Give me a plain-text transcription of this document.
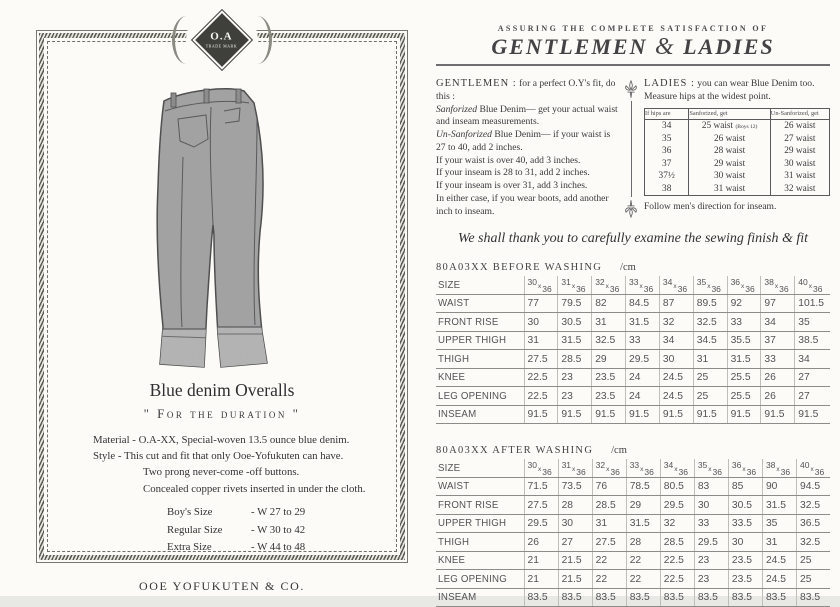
O.A
TRADE MARK
Blue denim Overalls
" For the duration "
Material - O.A-XX, Special-woven 13.5 ounce blue denim.
Style - This cut and fit that only Ooe-Yofukuten can have.
Two prong never-come -off buttons.
Concealed copper rivets inserted in under the cloth.
Boy's Size	- W 27 to 29
Regular Size	- W 30 to 42
Extra Size	- W 44 to 48
OOE YOFUKUTEN & CO.
ASSURING THE COMPLETE SATISFACTION OF
GENTLEMEN & LADIES
GENTLEMEN : for a perfect O.Y's fit, do this :
Sanforized Blue Denim— get your actual waist and inseam measurements.
Un-Sanforized Blue Denim— if your waist is 27 to 40, add 2 inches.
If your waist is over 40, add 3 inches.
If your inseam is 28 to 31, add 2 inches.
If your inseam is over 31, add 3 inches.
In either case, if you wear boots, add another inch to inseam.
LADIES : you can wear Blue Denim too. Measure hips at the widest point.
If hips are	Sanforized, get	Un-Sanforized, get
34	25 waist (Boys 12)	26 waist
35	26 waist	27 waist
36	28 waist	29 waist
37	29 waist	30 waist
37½	30 waist	31 waist
38	31 waist	32 waist
Follow men's direction for inseam.
We shall thank you to carefully examine the sewing finish & fit
80A03XX BEFORE WASHING /cm
SIZE	$^{30}x_{36}$	$^{31}x_{36}$	$^{32}x_{36}$	$^{33}x_{36}$	$^{34}x_{36}$	$^{35}x_{36}$	$^{36}x_{36}$	$^{38}x_{36}$	$^{40}x_{36}$
WAIST	77	79.5	82	84.5	87	89.5	92	97	101.5
FRONT RISE	30	30.5	31	31.5	32	32.5	33	34	35
UPPER THIGH	31	31.5	32.5	33	34	34.5	35.5	37	38.5
THIGH	27.5	28.5	29	29.5	30	31	31.5	33	34
KNEE	22.5	23	23.5	24	24.5	25	25.5	26	27
LEG OPENING	22.5	23	23.5	24	24.5	25	25.5	26	27
INSEAM	91.5	91.5	91.5	91.5	91.5	91.5	91.5	91.5	91.5
80A03XX AFTER WASHING /cm
SIZE	$^{30}x_{36}$	$^{31}x_{36}$	$^{32}x_{36}$	$^{33}x_{36}$	$^{34}x_{36}$	$^{35}x_{36}$	$^{36}x_{36}$	$^{38}x_{36}$	$^{40}x_{36}$
WAIST	71.5	73.5	76	78.5	80.5	83	85	90	94.5
FRONT RISE	27.5	28	28.5	29	29.5	30	30.5	31.5	32.5
UPPER THIGH	29.5	30	31	31.5	32	33	33.5	35	36.5
THIGH	26	27	27.5	28	28.5	29.5	30	31	32.5
KNEE	21	21.5	22	22	22.5	23	23.5	24.5	25
LEG OPENING	21	21.5	22	22	22.5	23	23.5	24.5	25
INSEAM	83.5	83.5	83.5	83.5	83.5	83.5	83.5	83.5	83.5
